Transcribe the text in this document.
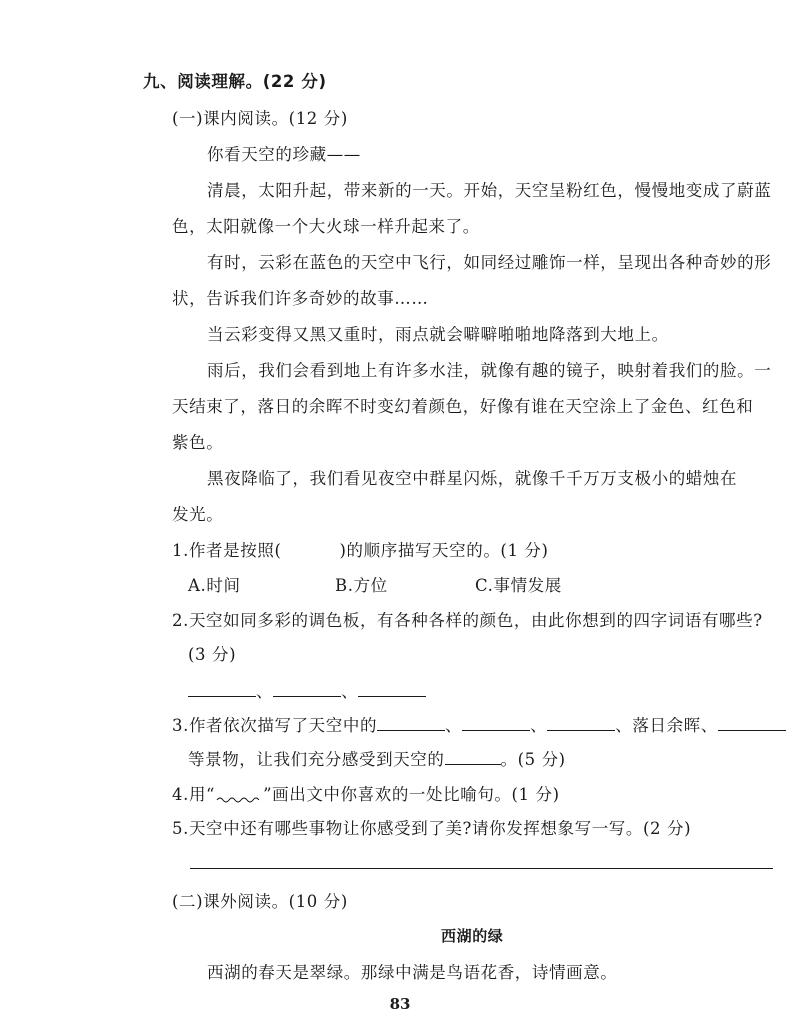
九、阅读理解。(22 分)
(一)课内阅读。(12 分)
你看天空的珍藏——
清晨，太阳升起，带来新的一天。开始，天空呈粉红色，慢慢地变成了蔚蓝
色，太阳就像一个大火球一样升起来了。
有时，云彩在蓝色的天空中飞行，如同经过雕饰一样，呈现出各种奇妙的形
状，告诉我们许多奇妙的故事……
当云彩变得又黑又重时，雨点就会噼噼啪啪地降落到大地上。
雨后，我们会看到地上有许多水洼，就像有趣的镜子，映射着我们的脸。一
天结束了，落日的余晖不时变幻着颜色，好像有谁在天空涂上了金色、红色和
紫色。
黑夜降临了，我们看见夜空中群星闪烁，就像千千万万支极小的蜡烛在
发光。
1.作者是按照(	)的顺序描写天空的。(1 分)
A.时间	B.方位	C.事情发展
2.天空如同多彩的调色板，有各种各样的颜色，由此你想到的四字词语有哪些?
(3 分)
、	、
3.作者依次描写了天空中的	、	、	、落日余晖、
等景物，让我们充分感受到天空的	。(5 分)
4.用“	”画出文中你喜欢的一处比喻句。(1 分)
5.天空中还有哪些事物让你感受到了美?请你发挥想象写一写。(2 分)
(二)课外阅读。(10 分)
西湖的绿
西湖的春天是翠绿。那绿中满是鸟语花香，诗情画意。
83
